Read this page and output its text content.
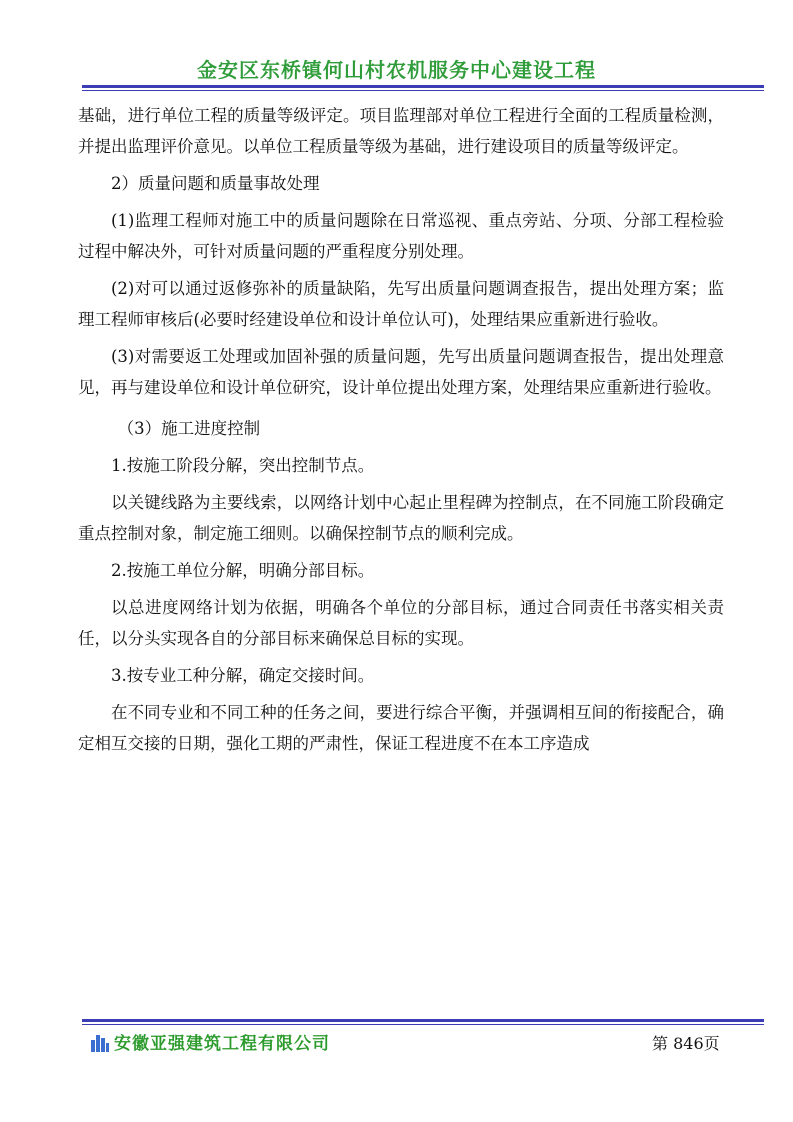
金安区东桥镇何山村农机服务中心建设工程

基础，进行单位工程的质量等级评定。项目监理部对单位工程进行全面的工程质量检测，并提出监理评价意见。以单位工程质量等级为基础，进行建设项目的质量等级评定。

2）质量问题和质量事故处理

(1)监理工程师对施工中的质量问题除在日常巡视、重点旁站、分项、分部工程检验过程中解决外，可针对质量问题的严重程度分别处理。

(2)对可以通过返修弥补的质量缺陷，先写出质量问题调查报告，提出处理方案；监理工程师审核后(必要时经建设单位和设计单位认可)，处理结果应重新进行验收。

(3)对需要返工处理或加固补强的质量问题，先写出质量问题调查报告，提出处理意见，再与建设单位和设计单位研究，设计单位提出处理方案，处理结果应重新进行验收。

（3）施工进度控制

1.按施工阶段分解，突出控制节点。

以关键线路为主要线索，以网络计划中心起止里程碑为控制点，在不同施工阶段确定重点控制对象，制定施工细则。以确保控制节点的顺利完成。

2.按施工单位分解，明确分部目标。

以总进度网络计划为依据，明确各个单位的分部目标，通过合同责任书落实相关责任，以分头实现各自的分部目标来确保总目标的实现。

3.按专业工种分解，确定交接时间。

在不同专业和不同工种的任务之间，要进行综合平衡，并强调相互间的衔接配合，确定相互交接的日期，强化工期的严肃性，保证工程进度不在本工序造成

安徽亚强建筑工程有限公司	第 846页
